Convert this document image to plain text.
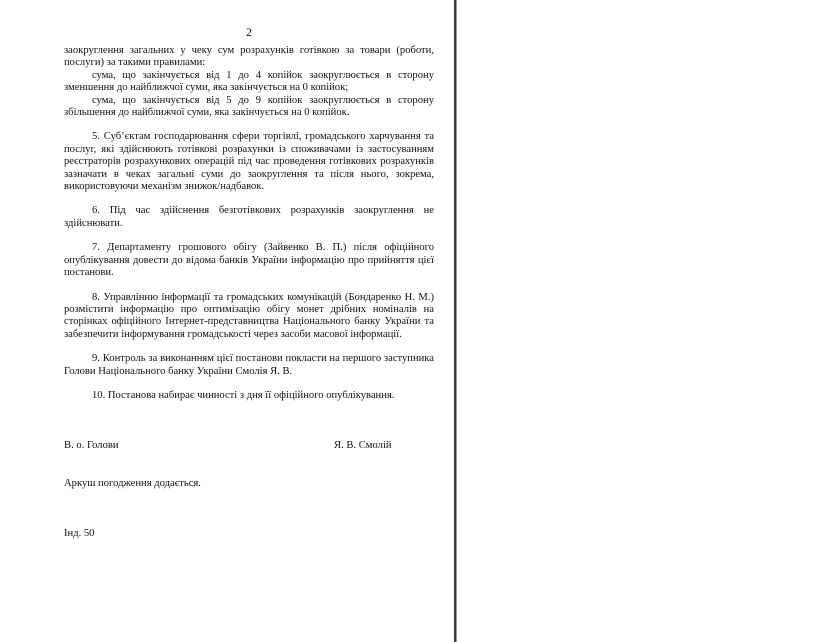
2

заокруглення загальних у чеку сум розрахунків готівкою за товари (роботи, послуги) за такими правилами:

сума, що закінчується від 1 до 4 копійок заокруглюється в сторону зменшення до найближчої суми, яка закінчується на 0 копійок;

сума, що закінчується від 5 до 9 копійок заокруглюється в сторону збільшення до найближчої суми, яка закінчується на 0 копійок.

5. Суб’єктам господарювання сфери торгівлі, громадського харчування та послуг, які здійснюють готівкові розрахунки із споживачами із застосуванням реєстраторів розрахункових операцій під час проведення готівкових розрахунків зазначати в чеках загальні суми до заокруглення та після нього, зокрема, використовуючи механізм знижок/надбавок.

6. Під час здійснення безготівкових розрахунків заокруглення не здійснювати.

7. Департаменту грошового обігу (Зайвенко В. П.) після офіційного опублікування довести до відома банків України інформацію про прийняття цієї постанови.

8. Управлінню інформації та громадських комунікацій (Бондаренко Н. М.) розмістити інформацію про оптимізацію обігу монет дрібних номіналів на сторінках офіційного Інтернет-представництва Національного банку України та забезпечити інформування громадськості через засоби масової інформації.

9. Контроль за виконанням цієї постанови покласти на першого заступника Голови Національного банку України Смолія Я. В.

10. Постанова набирає чинності з дня її офіційного опублікування.

В. о. Голови	Я. В. Смолій
Аркуш погодження додається.
Інд. 50
